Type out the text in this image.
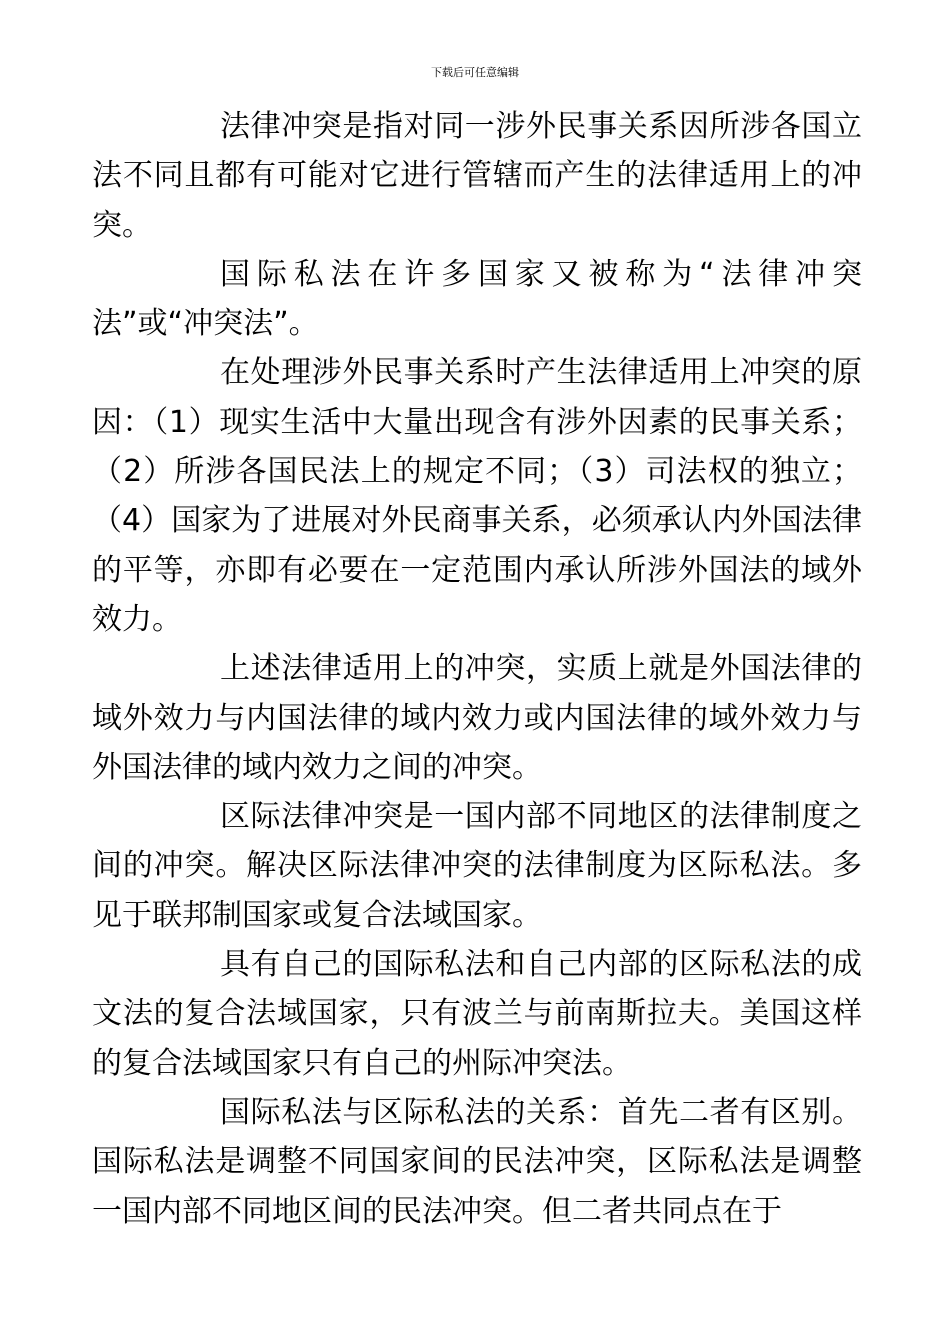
下载后可任意编辑

法律冲突是指对同一涉外民事关系因所涉各国立法不同且都有可能对它进行管辖而产生的法律适用上的冲突。

国际私法在许多国家又被称为“法律冲突法”或“冲突法”。

在处理涉外民事关系时产生法律适用上冲突的原因：（1）现实生活中大量出现含有涉外因素的民事关系；（2）所涉各国民法上的规定不同；（3）司法权的独立；（4）国家为了进展对外民商事关系，必须承认内外国法律的平等，亦即有必要在一定范围内承认所涉外国法的域外效力。

上述法律适用上的冲突，实质上就是外国法律的域外效力与内国法律的域内效力或内国法律的域外效力与外国法律的域内效力之间的冲突。

区际法律冲突是一国内部不同地区的法律制度之间的冲突。解决区际法律冲突的法律制度为区际私法。多见于联邦制国家或复合法域国家。

具有自己的国际私法和自己内部的区际私法的成文法的复合法域国家，只有波兰与前南斯拉夫。美国这样的复合法域国家只有自己的州际冲突法。

国际私法与区际私法的关系：首先二者有区别。国际私法是调整不同国家间的民法冲突，区际私法是调整一国内部不同地区间的民法冲突。但二者共同点在于
